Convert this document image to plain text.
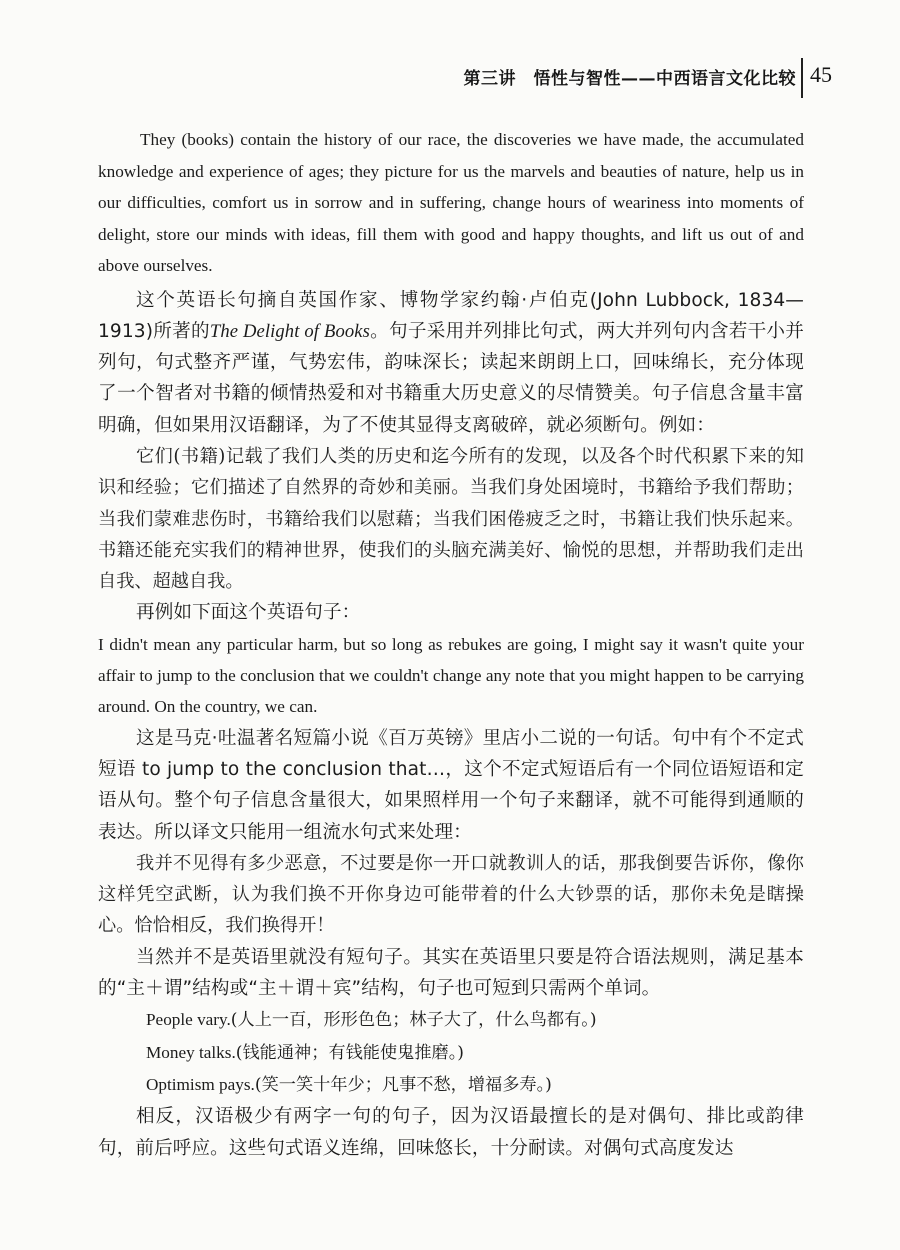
第三讲　悟性与智性——中西语言文化比较 45

They (books) contain the history of our race, the discoveries we have made, the accumulated knowledge and experience of ages; they picture for us the marvels and beauties of nature, help us in our difficulties, comfort us in sorrow and in suffering, change hours of weariness into moments of delight, store our minds with ideas, fill them with good and happy thoughts, and lift us out of and above ourselves.

这个英语长句摘自英国作家、博物学家约翰·卢伯克(John Lubbock, 1834—1913)所著的The Delight of Books。句子采用并列排比句式，两大并列句内含若干小并列句，句式整齐严谨，气势宏伟，韵味深长；读起来朗朗上口，回味绵长，充分体现了一个智者对书籍的倾情热爱和对书籍重大历史意义的尽情赞美。句子信息含量丰富明确，但如果用汉语翻译，为了不使其显得支离破碎，就必须断句。例如：

它们(书籍)记载了我们人类的历史和迄今所有的发现，以及各个时代积累下来的知识和经验；它们描述了自然界的奇妙和美丽。当我们身处困境时，书籍给予我们帮助；当我们蒙难悲伤时，书籍给我们以慰藉；当我们困倦疲乏之时，书籍让我们快乐起来。书籍还能充实我们的精神世界，使我们的头脑充满美好、愉悦的思想，并帮助我们走出自我、超越自我。

再例如下面这个英语句子：

I didn't mean any particular harm, but so long as rebukes are going, I might say it wasn't quite your affair to jump to the conclusion that we couldn't change any note that you might happen to be carrying around. On the country, we can.

这是马克·吐温著名短篇小说《百万英镑》里店小二说的一句话。句中有个不定式短语 to jump to the conclusion that…，这个不定式短语后有一个同位语短语和定语从句。整个句子信息含量很大，如果照样用一个句子来翻译，就不可能得到通顺的表达。所以译文只能用一组流水句式来处理：

我并不见得有多少恶意，不过要是你一开口就教训人的话，那我倒要告诉你，像你这样凭空武断，认为我们换不开你身边可能带着的什么大钞票的话，那你未免是瞎操心。恰恰相反，我们换得开！

当然并不是英语里就没有短句子。其实在英语里只要是符合语法规则，满足基本的“主＋谓”结构或“主＋谓＋宾”结构，句子也可短到只需两个单词。

People vary.(人上一百，形形色色；林子大了，什么鸟都有。)

Money talks.(钱能通神；有钱能使鬼推磨。)

Optimism pays.(笑一笑十年少；凡事不愁，增福多寿。)

相反，汉语极少有两字一句的句子，因为汉语最擅长的是对偶句、排比或韵律句，前后呼应。这些句式语义连绵，回味悠长，十分耐读。对偶句式高度发达
